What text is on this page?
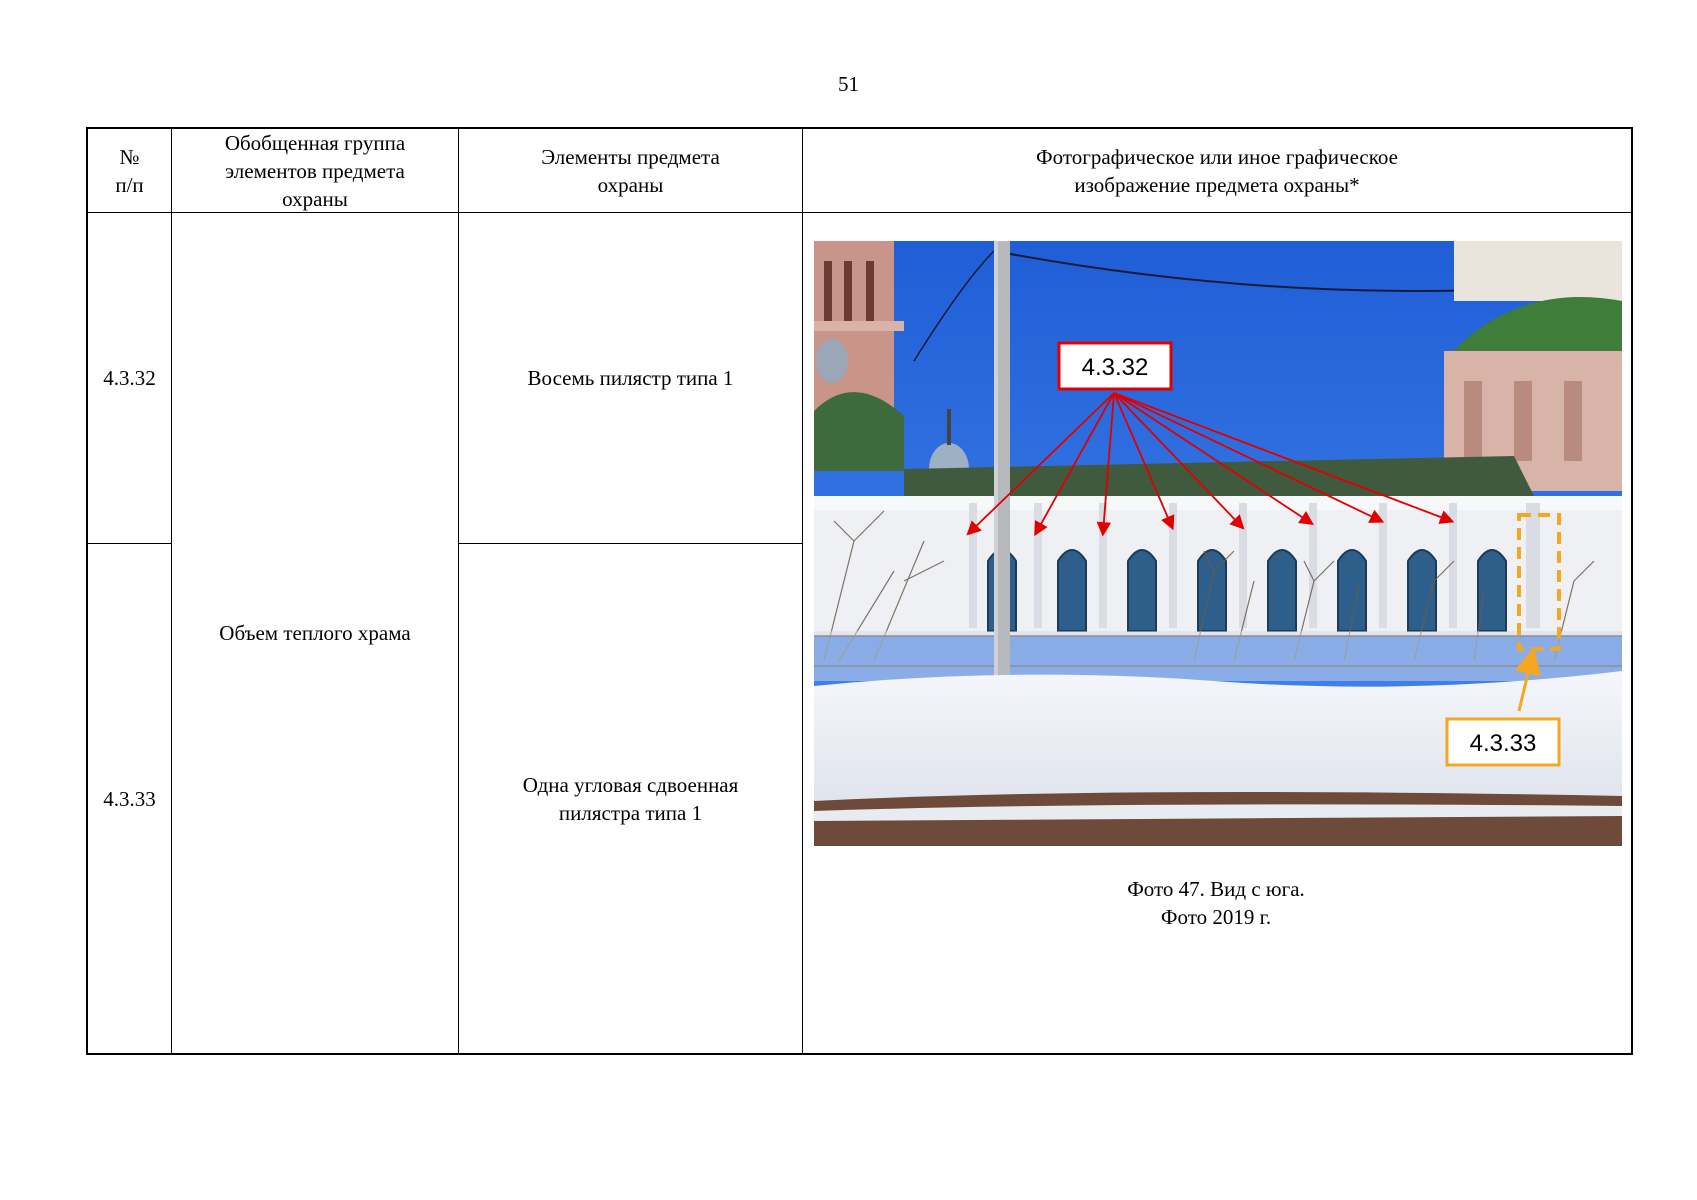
51
№
п/п
Обобщенная группа элементов предмета охраны
Элементы предмета охраны
Фотографическое или иное графическое изображение предмета охраны*
4.3.32
4.3.33
Объем теплого храма
Восемь пилястр типа 1
Одна угловая сдвоенная пилястра типа 1
4.3.32
4.3.33
Фото 47. Вид с юга.
Фото 2019 г.
